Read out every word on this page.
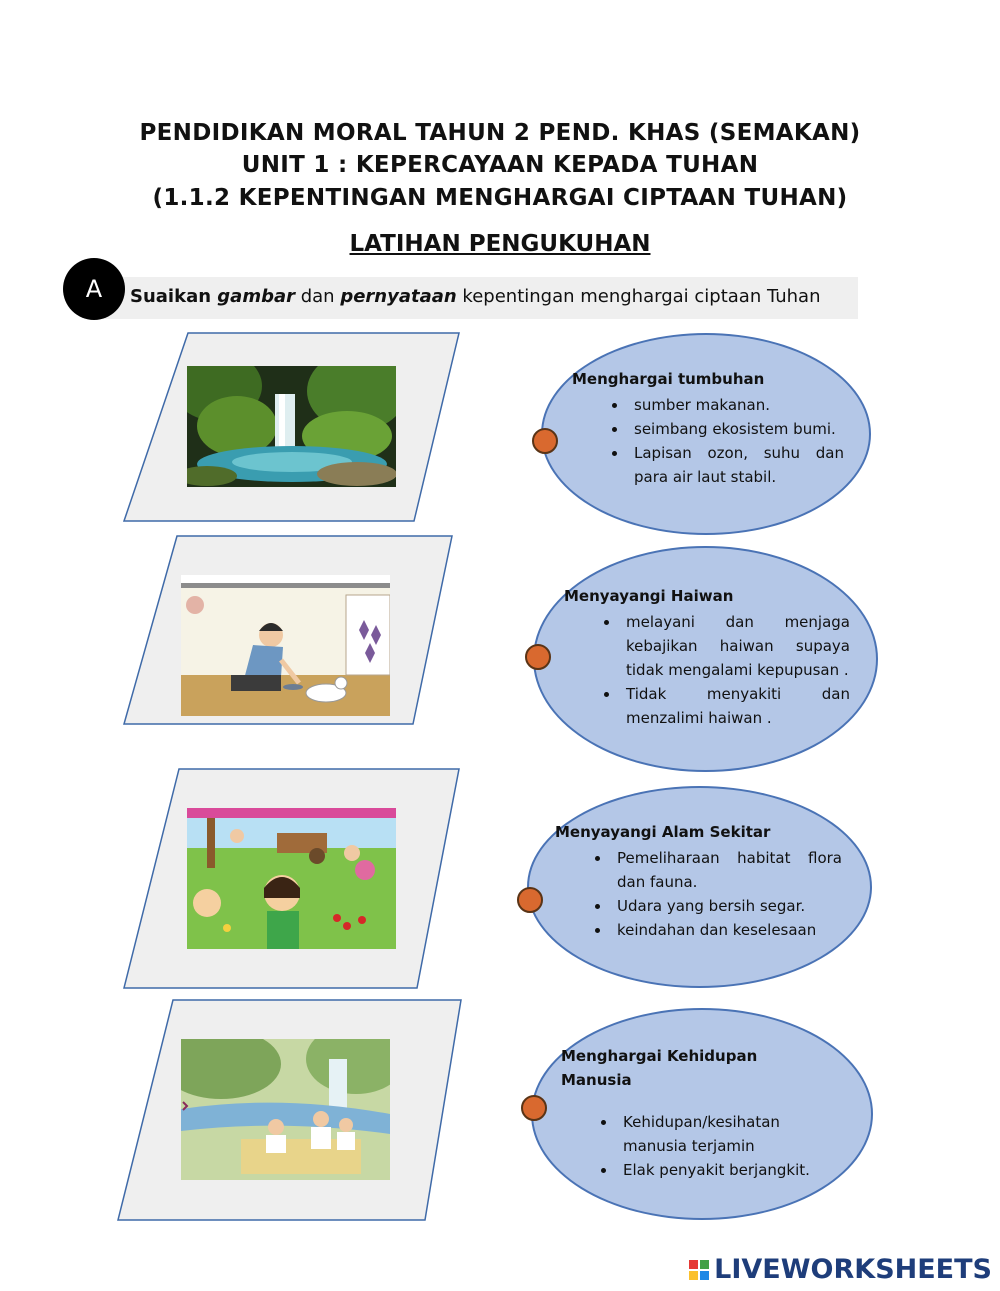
PENDIDIKAN MORAL TAHUN 2 PEND. KHAS (SEMAKAN)
UNIT 1 : KEPERCAYAAN KEPADA TUHAN
(1.1.2 KEPENTINGAN MENGHARGAI CIPTAAN TUHAN)
LATIHAN PENGUKUHAN
A	Suaikan gambar dan pernyataan kepentingan menghargai ciptaan Tuhan
Menghargai tumbuhan
• sumber makanan.
• seimbang ekosistem bumi.
• Lapisan ozon, suhu dan para air laut stabil.
Menyayangi Haiwan
• melayani dan menjaga kebajikan haiwan supaya tidak mengalami kepupusan .
• Tidak menyakiti dan menzalimi haiwan .
Menyayangi Alam Sekitar
• Pemeliharaan habitat flora dan fauna.
• Udara yang bersih segar.
• keindahan dan keselesaan
Menghargai Kehidupan Manusia
• Kehidupan/kesihatan manusia terjamin
• Elak penyakit berjangkit.
LIVEWORKSHEETS
